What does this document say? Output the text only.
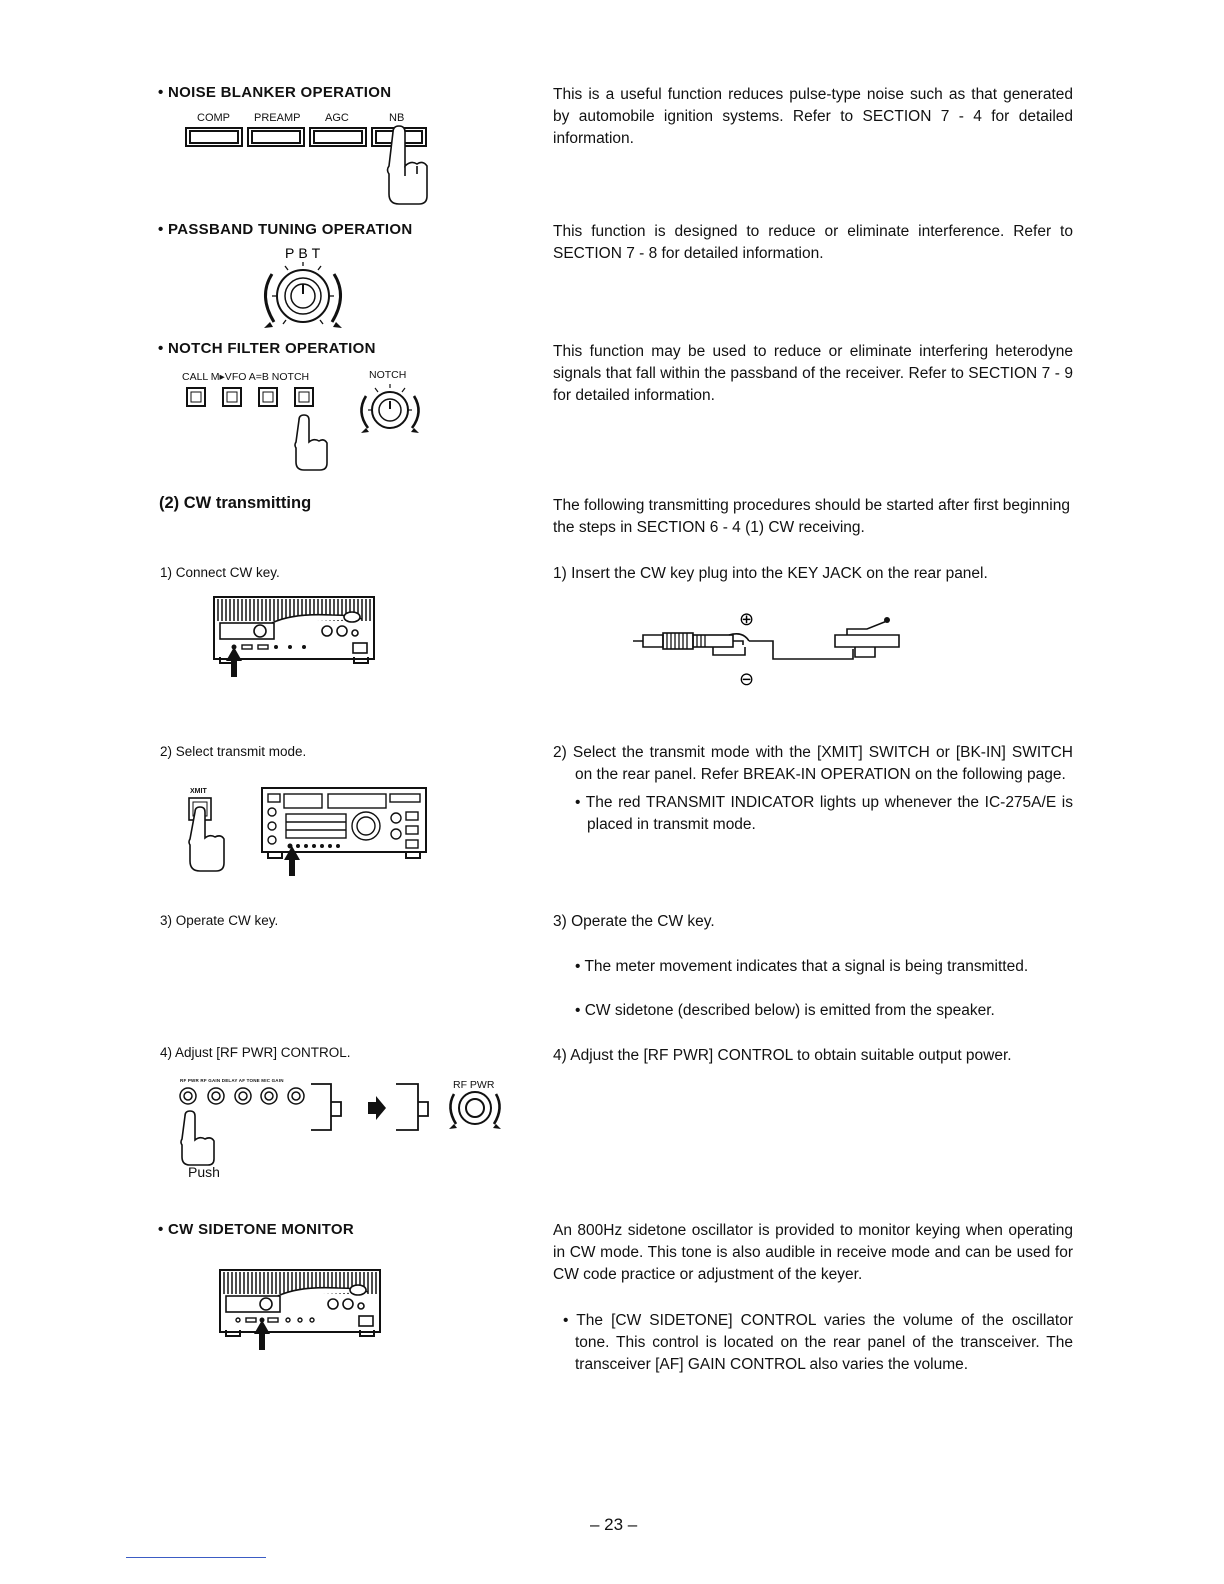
• NOISE BLANKER OPERATION
COMP PREAMP AGC	NB
This is a useful function reduces pulse-type noise such as that generated by automobile ignition systems. Refer to SECTION 7 - 4 for detailed information.
• PASSBAND TUNING OPERATION
PBT
This function is designed to reduce or eliminate interference. Refer to SECTION 7 - 8 for detailed information.
• NOTCH FILTER OPERATION
CALL M▸VFO A=B NOTCH	NOTCH
This function may be used to reduce or eliminate interfering heterodyne signals that fall within the passband of the receiver. Refer to SECTION 7 - 9 for detailed information.
(2) CW transmitting	The following transmitting procedures should be started after first beginning the steps in SECTION 6 - 4 (1) CW receiving.
1) Connect CW key.	1) Insert the CW key plug into the KEY JACK on the rear panel.
⊕
⊖
2) Select transmit mode.
XMIT

2) Select the transmit mode with the [XMIT] SWITCH or [BK-IN] SWITCH on the rear panel. Refer BREAK-IN OPERATION on the following page.

• The red TRANSMIT INDICATOR lights up whenever the IC-275A/E is placed in transmit mode.

3) Operate CW key.	3) Operate the CW key.
• The meter movement indicates that a signal is being transmitted.
• CW sidetone (described below) is emitted from the speaker.
4) Adjust [RF PWR] CONTROL.
RF PWR RF GAIN DELAY AF TONE MIC GAIN	RF PWR
Push

4) Adjust the [RF PWR] CONTROL to obtain suitable output power.

• CW SIDETONE MONITOR	An 800Hz sidetone oscillator is provided to monitor keying when operating in CW mode. This tone is also audible in receive mode and can be used for CW code practice or adjustment of the keyer.
• The [CW SIDETONE] CONTROL varies the volume of the oscillator tone. This control is located on the rear panel of the transceiver. The transceiver [AF] GAIN CONTROL also varies the volume.
– 23 –
